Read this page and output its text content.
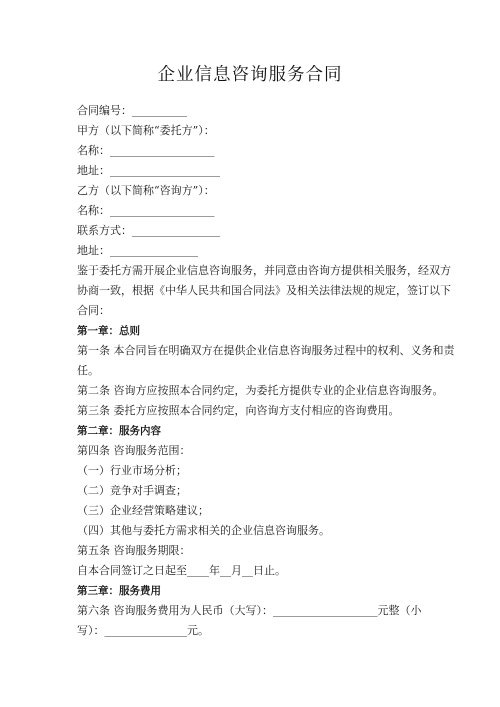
企业信息咨询服务合同
合同编号：__________
甲方（以下简称“委托方”）：
名称：___________________
地址：____________________
乙方（以下简称“咨询方”）：
名称：___________________
联系方式：________________
地址：________________
鉴于委托方需开展企业信息咨询服务，并同意由咨询方提供相关服务，经双方
协商一致，根据《中华人民共和国合同法》及相关法律法规的规定，签订以下
合同：
第一章：总则
第一条 本合同旨在明确双方在提供企业信息咨询服务过程中的权利、义务和责
任。
第二条 咨询方应按照本合同约定，为委托方提供专业的企业信息咨询服务。
第三条 委托方应按照本合同约定，向咨询方支付相应的咨询费用。
第二章：服务内容
第四条 咨询服务范围：
（一）行业市场分析；
（二）竞争对手调查；
（三）企业经营策略建议；
（四）其他与委托方需求相关的企业信息咨询服务。
第五条 咨询服务期限：
自本合同签订之日起至____年__月__日止。
第三章：服务费用
第六条 咨询服务费用为人民币（大写）：___________________元整（小
写）：_______________元。
